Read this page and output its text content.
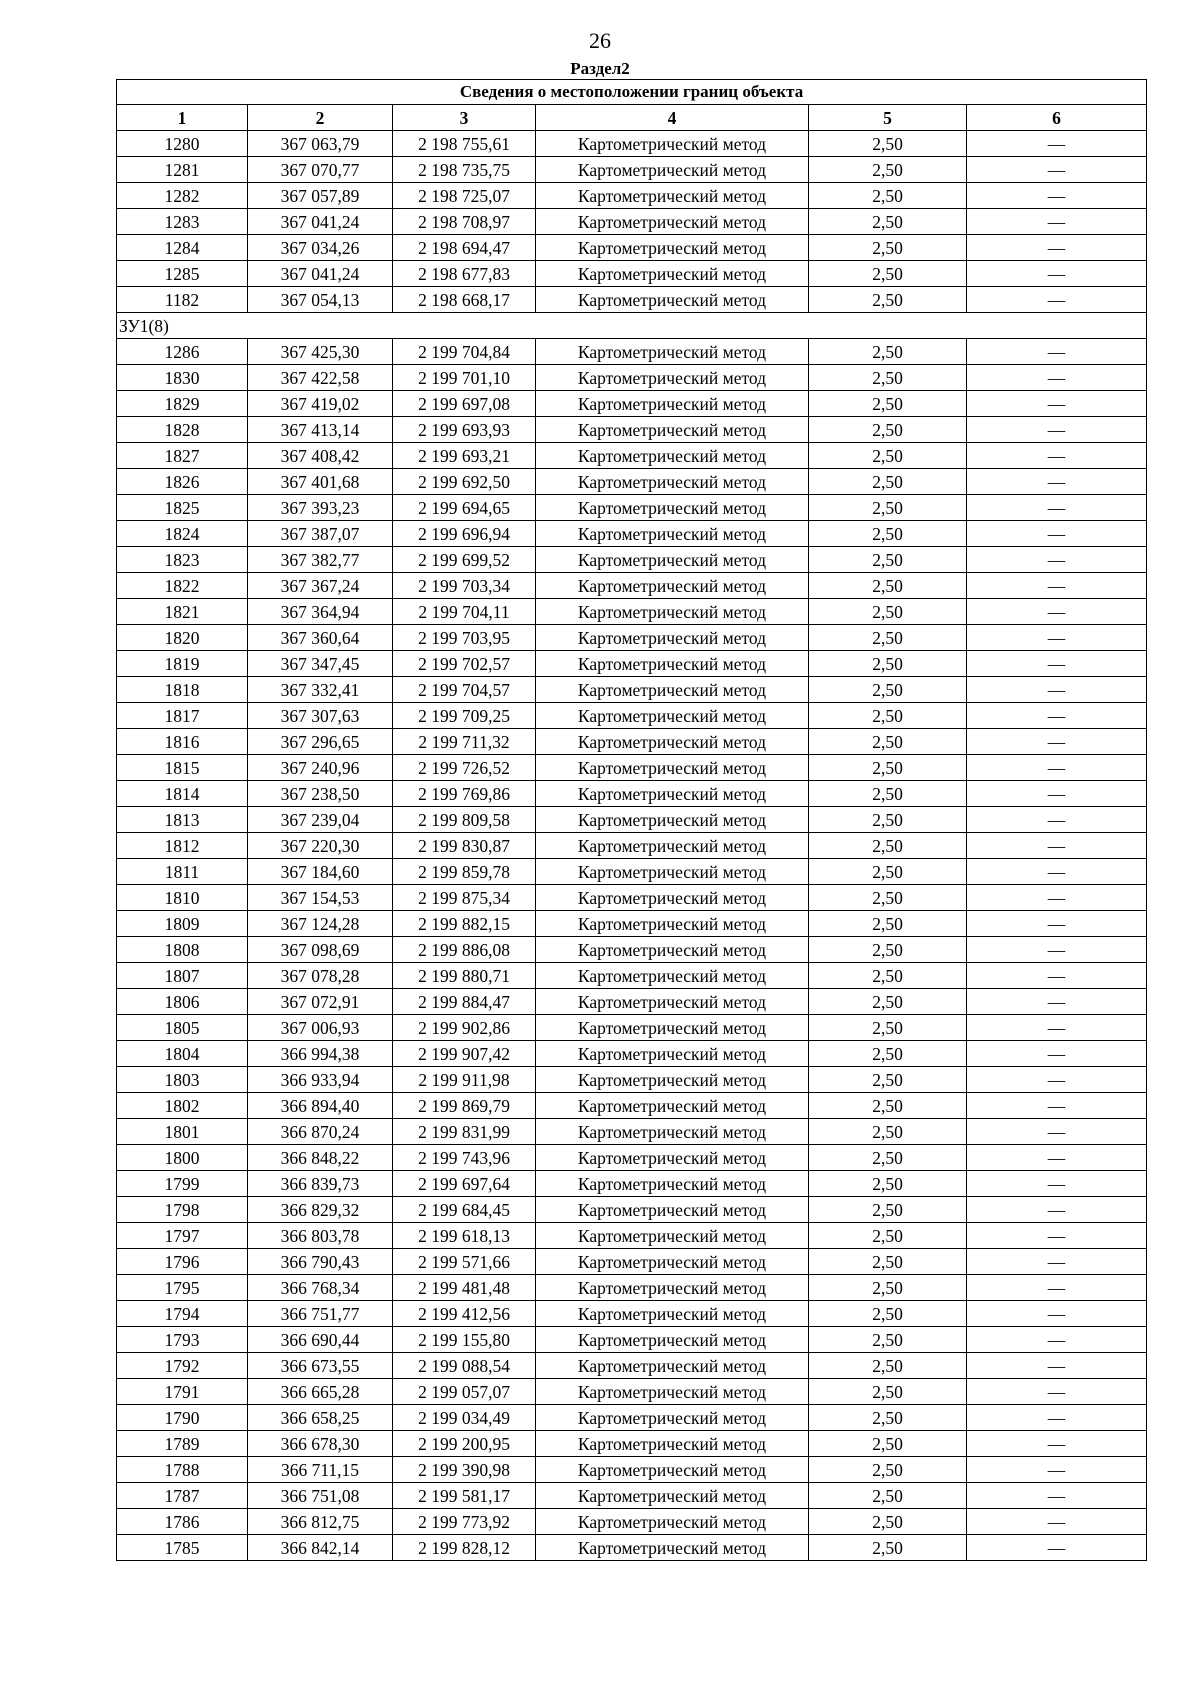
26
Раздел2
Сведения о местоположении границ объекта					
1	2	3	4	5	6
1280	367 063,79	2 198 755,61	Картометрический метод	2,50	—
1281	367 070,77	2 198 735,75	Картометрический метод	2,50	—
1282	367 057,89	2 198 725,07	Картометрический метод	2,50	—
1283	367 041,24	2 198 708,97	Картометрический метод	2,50	—
1284	367 034,26	2 198 694,47	Картометрический метод	2,50	—
1285	367 041,24	2 198 677,83	Картометрический метод	2,50	—
1182	367 054,13	2 198 668,17	Картометрический метод	2,50	—
ЗУ1(8)					
1286	367 425,30	2 199 704,84	Картометрический метод	2,50	—
1830	367 422,58	2 199 701,10	Картометрический метод	2,50	—
1829	367 419,02	2 199 697,08	Картометрический метод	2,50	—
1828	367 413,14	2 199 693,93	Картометрический метод	2,50	—
1827	367 408,42	2 199 693,21	Картометрический метод	2,50	—
1826	367 401,68	2 199 692,50	Картометрический метод	2,50	—
1825	367 393,23	2 199 694,65	Картометрический метод	2,50	—
1824	367 387,07	2 199 696,94	Картометрический метод	2,50	—
1823	367 382,77	2 199 699,52	Картометрический метод	2,50	—
1822	367 367,24	2 199 703,34	Картометрический метод	2,50	—
1821	367 364,94	2 199 704,11	Картометрический метод	2,50	—
1820	367 360,64	2 199 703,95	Картометрический метод	2,50	—
1819	367 347,45	2 199 702,57	Картометрический метод	2,50	—
1818	367 332,41	2 199 704,57	Картометрический метод	2,50	—
1817	367 307,63	2 199 709,25	Картометрический метод	2,50	—
1816	367 296,65	2 199 711,32	Картометрический метод	2,50	—
1815	367 240,96	2 199 726,52	Картометрический метод	2,50	—
1814	367 238,50	2 199 769,86	Картометрический метод	2,50	—
1813	367 239,04	2 199 809,58	Картометрический метод	2,50	—
1812	367 220,30	2 199 830,87	Картометрический метод	2,50	—
1811	367 184,60	2 199 859,78	Картометрический метод	2,50	—
1810	367 154,53	2 199 875,34	Картометрический метод	2,50	—
1809	367 124,28	2 199 882,15	Картометрический метод	2,50	—
1808	367 098,69	2 199 886,08	Картометрический метод	2,50	—
1807	367 078,28	2 199 880,71	Картометрический метод	2,50	—
1806	367 072,91	2 199 884,47	Картометрический метод	2,50	—
1805	367 006,93	2 199 902,86	Картометрический метод	2,50	—
1804	366 994,38	2 199 907,42	Картометрический метод	2,50	—
1803	366 933,94	2 199 911,98	Картометрический метод	2,50	—
1802	366 894,40	2 199 869,79	Картометрический метод	2,50	—
1801	366 870,24	2 199 831,99	Картометрический метод	2,50	—
1800	366 848,22	2 199 743,96	Картометрический метод	2,50	—
1799	366 839,73	2 199 697,64	Картометрический метод	2,50	—
1798	366 829,32	2 199 684,45	Картометрический метод	2,50	—
1797	366 803,78	2 199 618,13	Картометрический метод	2,50	—
1796	366 790,43	2 199 571,66	Картометрический метод	2,50	—
1795	366 768,34	2 199 481,48	Картометрический метод	2,50	—
1794	366 751,77	2 199 412,56	Картометрический метод	2,50	—
1793	366 690,44	2 199 155,80	Картометрический метод	2,50	—
1792	366 673,55	2 199 088,54	Картометрический метод	2,50	—
1791	366 665,28	2 199 057,07	Картометрический метод	2,50	—
1790	366 658,25	2 199 034,49	Картометрический метод	2,50	—
1789	366 678,30	2 199 200,95	Картометрический метод	2,50	—
1788	366 711,15	2 199 390,98	Картометрический метод	2,50	—
1787	366 751,08	2 199 581,17	Картометрический метод	2,50	—
1786	366 812,75	2 199 773,92	Картометрический метод	2,50	—
1785	366 842,14	2 199 828,12	Картометрический метод	2,50	—
